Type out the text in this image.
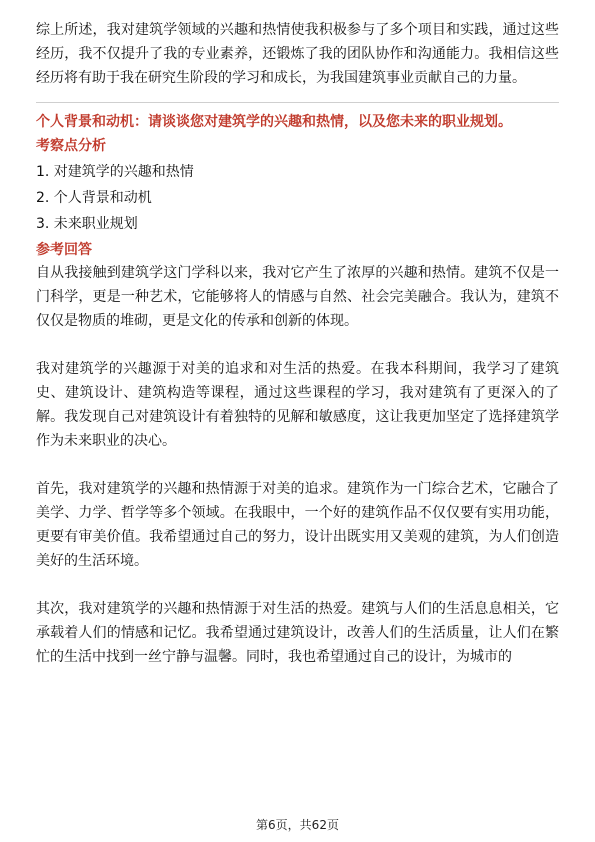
综上所述，我对建筑学领域的兴趣和热情使我积极参与了多个项目和实践，通过这些经历，我不仅提升了我的专业素养，还锻炼了我的团队协作和沟通能力。我相信这些经历将有助于我在研究生阶段的学习和成长，为我国建筑事业贡献自己的力量。

个人背景和动机：请谈谈您对建筑学的兴趣和热情，以及您未来的职业规划。

考察点分析

1. 对建筑学的兴趣和热情
2. 个人背景和动机
3. 未来职业规划

参考回答

自从我接触到建筑学这门学科以来，我对它产生了浓厚的兴趣和热情。建筑不仅是一门科学，更是一种艺术，它能够将人的情感与自然、社会完美融合。我认为，建筑不仅仅是物质的堆砌，更是文化的传承和创新的体现。

我对建筑学的兴趣源于对美的追求和对生活的热爱。在我本科期间，我学习了建筑史、建筑设计、建筑构造等课程，通过这些课程的学习，我对建筑有了更深入的了解。我发现自己对建筑设计有着独特的见解和敏感度，这让我更加坚定了选择建筑学作为未来职业的决心。

首先，我对建筑学的兴趣和热情源于对美的追求。建筑作为一门综合艺术，它融合了美学、力学、哲学等多个领域。在我眼中，一个好的建筑作品不仅仅要有实用功能，更要有审美价值。我希望通过自己的努力，设计出既实用又美观的建筑，为人们创造美好的生活环境。

其次，我对建筑学的兴趣和热情源于对生活的热爱。建筑与人们的生活息息相关，它承载着人们的情感和记忆。我希望通过建筑设计，改善人们的生活质量，让人们在繁忙的生活中找到一丝宁静与温馨。同时，我也希望通过自己的设计，为城市的

第6页，共62页
